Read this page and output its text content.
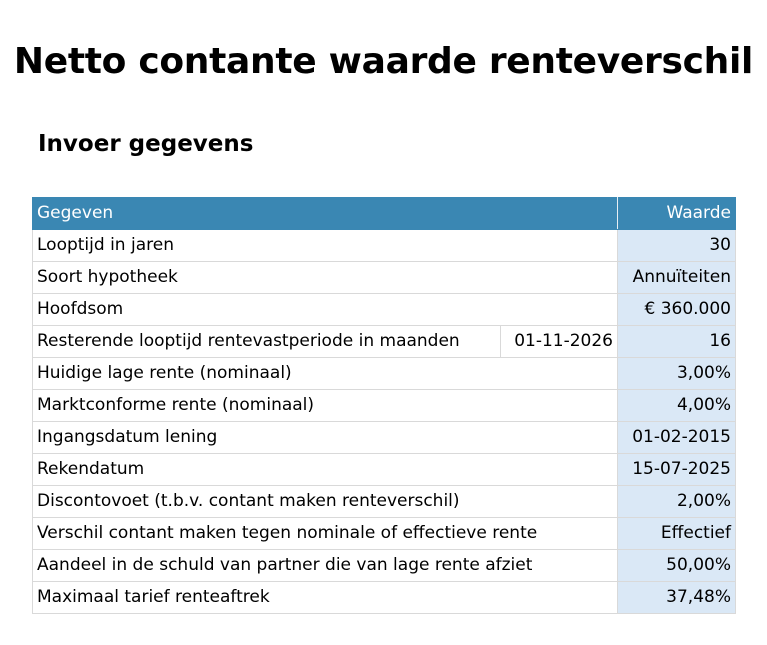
Netto contante waarde renteverschil
Invoer gegevens
Gegeven		Waarde
Looptijd in jaren		30
Soort hypotheek		Annuïteiten
Hoofdsom		€ 360.000
Resterende looptijd rentevastperiode in maanden	01-11-2026	16
Huidige lage rente (nominaal)		3,00%
Marktconforme rente (nominaal)		4,00%
Ingangsdatum lening		01-02-2015
Rekendatum		15-07-2025
Discontovoet (t.b.v. contant maken renteverschil)		2,00%
Verschil contant maken tegen nominale of effectieve rente		Effectief
Aandeel in de schuld van partner die van lage rente afziet		50,00%
Maximaal tarief renteaftrek		37,48%
